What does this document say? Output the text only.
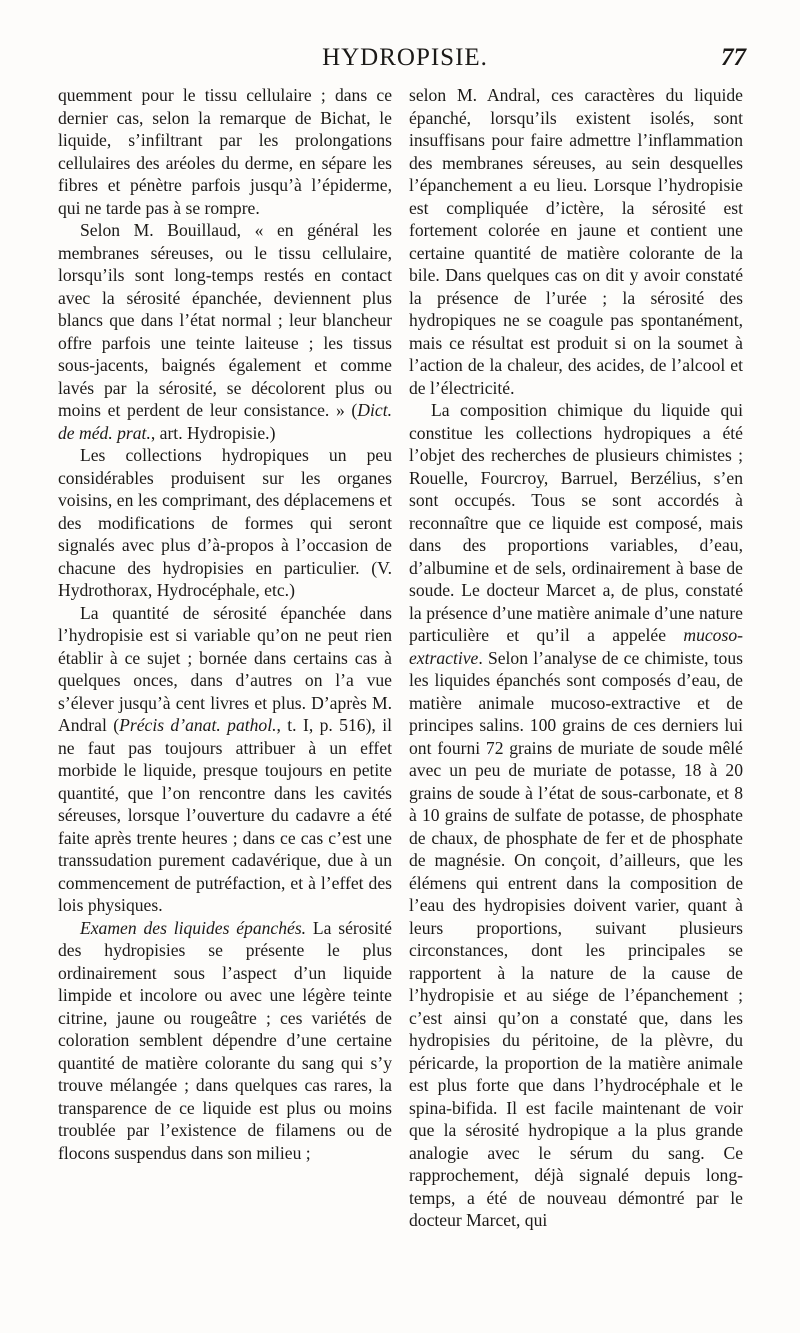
HYDROPISIE.	77

quemment pour le tissu cellulaire ; dans ce dernier cas, selon la remarque de Bichat, le liquide, s’infiltrant par les prolongations cellulaires des aréoles du derme, en sépare les fibres et pénètre parfois jusqu’à l’épiderme, qui ne tarde pas à se rompre.

Selon M. Bouillaud, « en général les membranes séreuses, ou le tissu cellulaire, lorsqu’ils sont long-temps restés en contact avec la sérosité épanchée, deviennent plus blancs que dans l’état normal ; leur blancheur offre parfois une teinte laiteuse ; les tissus sous-jacents, baignés également et comme lavés par la sérosité, se décolorent plus ou moins et perdent de leur consistance. » (Dict. de méd. prat., art. Hydropisie.)

Les collections hydropiques un peu considérables produisent sur les organes voisins, en les comprimant, des déplacemens et des modifications de formes qui seront signalés avec plus d’à-propos à l’occasion de chacune des hydropisies en particulier. (V. Hydrothorax, Hydrocéphale, etc.)

La quantité de sérosité épanchée dans l’hydropisie est si variable qu’on ne peut rien établir à ce sujet ; bornée dans certains cas à quelques onces, dans d’autres on l’a vue s’élever jusqu’à cent livres et plus. D’après M. Andral (Précis d’anat. pathol., t. I, p. 516), il ne faut pas toujours attribuer à un effet morbide le liquide, presque toujours en petite quantité, que l’on rencontre dans les cavités séreuses, lorsque l’ouverture du cadavre a été faite après trente heures ; dans ce cas c’est une transsudation purement cadavérique, due à un commencement de putréfaction, et à l’effet des lois physiques.

Examen des liquides épanchés. La sérosité des hydropisies se présente le plus ordinairement sous l’aspect d’un liquide limpide et incolore ou avec une légère teinte citrine, jaune ou rougeâtre ; ces variétés de coloration semblent dépendre d’une certaine quantité de matière colorante du sang qui s’y trouve mélangée ; dans quelques cas rares, la transparence de ce liquide est plus ou moins troublée par l’existence de filamens ou de flocons suspendus dans son milieu ;

selon M. Andral, ces caractères du liquide épanché, lorsqu’ils existent isolés, sont insuffisans pour faire admettre l’inflammation des membranes séreuses, au sein desquelles l’épanchement a eu lieu. Lorsque l’hydropisie est compliquée d’ictère, la sérosité est fortement colorée en jaune et contient une certaine quantité de matière colorante de la bile. Dans quelques cas on dit y avoir constaté la présence de l’urée ; la sérosité des hydropiques ne se coagule pas spontanément, mais ce résultat est produit si on la soumet à l’action de la chaleur, des acides, de l’alcool et de l’électricité.

La composition chimique du liquide qui constitue les collections hydropiques a été l’objet des recherches de plusieurs chimistes ; Rouelle, Fourcroy, Barruel, Berzélius, s’en sont occupés. Tous se sont accordés à reconnaître que ce liquide est composé, mais dans des proportions variables, d’eau, d’albumine et de sels, ordinairement à base de soude. Le docteur Marcet a, de plus, constaté la présence d’une matière animale d’une nature particulière et qu’il a appelée mucoso-extractive. Selon l’analyse de ce chimiste, tous les liquides épanchés sont composés d’eau, de matière animale mucoso-extractive et de principes salins. 100 grains de ces derniers lui ont fourni 72 grains de muriate de soude mêlé avec un peu de muriate de potasse, 18 à 20 grains de soude à l’état de sous-carbonate, et 8 à 10 grains de sulfate de potasse, de phosphate de chaux, de phosphate de fer et de phosphate de magnésie. On conçoit, d’ailleurs, que les élémens qui entrent dans la composition de l’eau des hydropisies doivent varier, quant à leurs proportions, suivant plusieurs circonstances, dont les principales se rapportent à la nature de la cause de l’hydropisie et au siége de l’épanchement ; c’est ainsi qu’on a constaté que, dans les hydropisies du péritoine, de la plèvre, du péricarde, la proportion de la matière animale est plus forte que dans l’hydrocéphale et le spina-bifida. Il est facile maintenant de voir que la sérosité hydropique a la plus grande analogie avec le sérum du sang. Ce rapprochement, déjà signalé depuis long-temps, a été de nouveau démontré par le docteur Marcet, qui
